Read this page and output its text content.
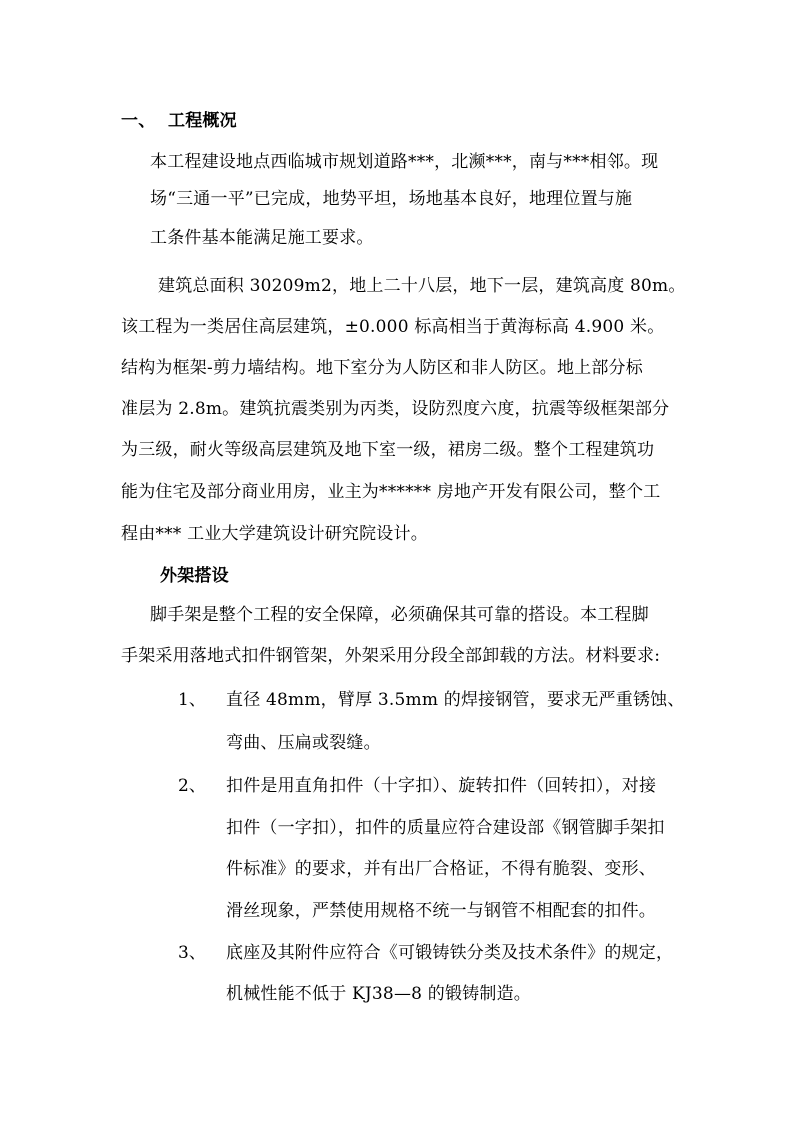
一、 工程概况
本工程建设地点西临城市规划道路***，北濒***，南与***相邻。现
场“三通一平”已完成，地势平坦，场地基本良好，地理位置与施
工条件基本能满足施工要求。
建筑总面积 30209m2，地上二十八层，地下一层，建筑高度 80m。
该工程为一类居住高层建筑，±0.000 标高相当于黄海标高 4.900 米。
结构为框架-剪力墙结构。地下室分为人防区和非人防区。地上部分标
准层为 2.8m。建筑抗震类别为丙类，设防烈度六度，抗震等级框架部分
为三级，耐火等级高层建筑及地下室一级，裙房二级。整个工程建筑功
能为住宅及部分商业用房，业主为****** 房地产开发有限公司，整个工
程由*** 工业大学建筑设计研究院设计。
外架搭设
脚手架是整个工程的安全保障，必须确保其可靠的搭设。本工程脚
手架采用落地式扣件钢管架，外架采用分段全部卸载的方法。材料要求:
1、 直径 48mm，臂厚 3.5mm 的焊接钢管，要求无严重锈蚀、
弯曲、压扁或裂缝。
2、 扣件是用直角扣件（十字扣）、旋转扣件（回转扣），对接
扣件（一字扣），扣件的质量应符合建设部《钢管脚手架扣
件标准》的要求，并有出厂合格证，不得有脆裂、变形、
滑丝现象，严禁使用规格不统一与钢管不相配套的扣件。
3、 底座及其附件应符合《可锻铸铁分类及技术条件》的规定，
机械性能不低于 KJ38—8 的锻铸制造。
